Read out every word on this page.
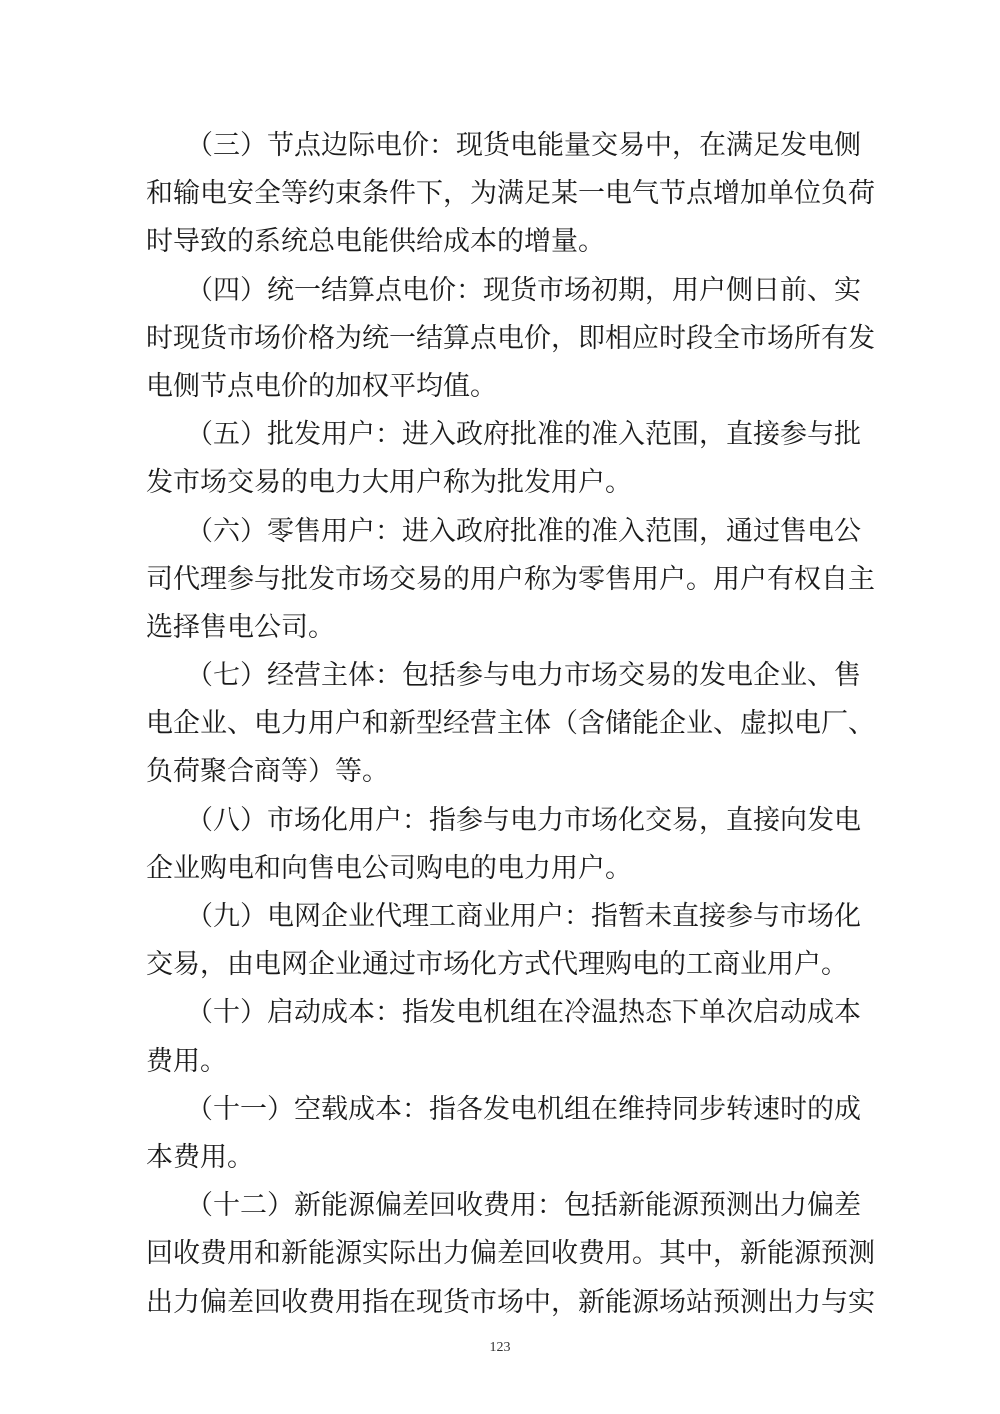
（三）节点边际电价：现货电能量交易中，在满足发电侧
和输电安全等约束条件下，为满足某一电气节点增加单位负荷
时导致的系统总电能供给成本的增量。
（四）统一结算点电价：现货市场初期，用户侧日前、实
时现货市场价格为统一结算点电价，即相应时段全市场所有发
电侧节点电价的加权平均值。
（五）批发用户：进入政府批准的准入范围，直接参与批
发市场交易的电力大用户称为批发用户。
（六）零售用户：进入政府批准的准入范围，通过售电公
司代理参与批发市场交易的用户称为零售用户。用户有权自主
选择售电公司。
（七）经营主体：包括参与电力市场交易的发电企业、售
电企业、电力用户和新型经营主体（含储能企业、虚拟电厂、
负荷聚合商等）等。
（八）市场化用户：指参与电力市场化交易，直接向发电
企业购电和向售电公司购电的电力用户。
（九）电网企业代理工商业用户：指暂未直接参与市场化
交易，由电网企业通过市场化方式代理购电的工商业用户。
（十）启动成本：指发电机组在冷温热态下单次启动成本
费用。
（十一）空载成本：指各发电机组在维持同步转速时的成
本费用。
（十二）新能源偏差回收费用：包括新能源预测出力偏差
回收费用和新能源实际出力偏差回收费用。其中，新能源预测
出力偏差回收费用指在现货市场中，新能源场站预测出力与实
123
